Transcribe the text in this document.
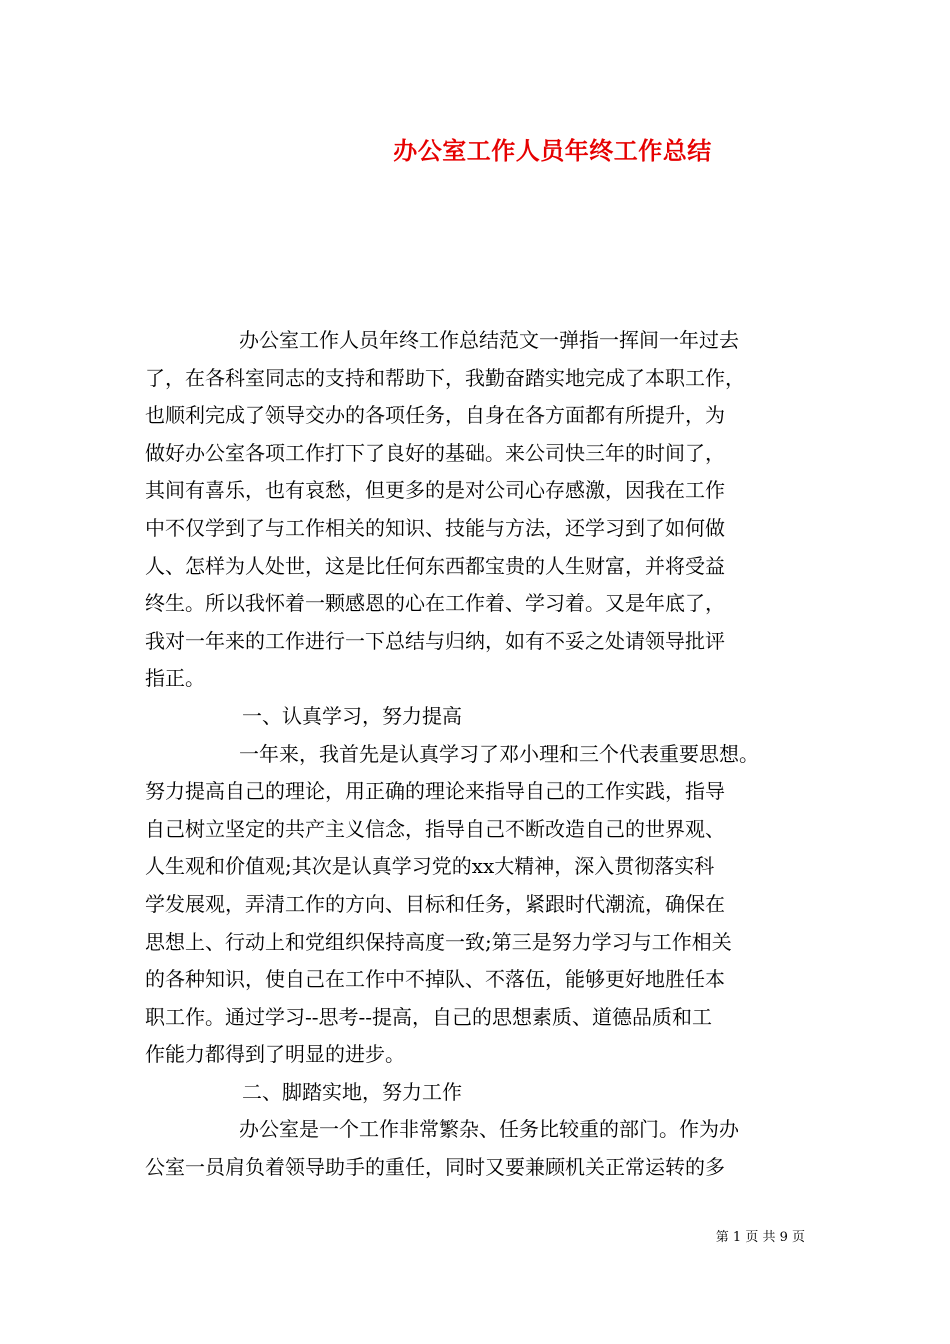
办公室工作人员年终工作总结
办公室工作人员年终工作总结范文一弹指一挥间一年过去
了，在各科室同志的支持和帮助下，我勤奋踏实地完成了本职工作，
也顺利完成了领导交办的各项任务，自身在各方面都有所提升，为
做好办公室各项工作打下了良好的基础。来公司快三年的时间了，
其间有喜乐，也有哀愁，但更多的是对公司心存感激，因我在工作
中不仅学到了与工作相关的知识、技能与方法，还学习到了如何做
人、怎样为人处世，这是比任何东西都宝贵的人生财富，并将受益
终生。所以我怀着一颗感恩的心在工作着、学习着。又是年底了，
我对一年来的工作进行一下总结与归纳，如有不妥之处请领导批评
指正。
一、认真学习，努力提高
一年来，我首先是认真学习了邓小理和三个代表重要思想。
努力提高自己的理论，用正确的理论来指导自己的工作实践，指导
自己树立坚定的共产主义信念，指导自己不断改造自己的世界观、
人生观和价值观;其次是认真学习党的xx大精神，深入贯彻落实科
学发展观，弄清工作的方向、目标和任务，紧跟时代潮流，确保在
思想上、行动上和党组织保持高度一致;第三是努力学习与工作相关
的各种知识，使自己在工作中不掉队、不落伍，能够更好地胜任本
职工作。通过学习--思考--提高，自己的思想素质、道德品质和工
作能力都得到了明显的进步。
二、脚踏实地，努力工作
办公室是一个工作非常繁杂、任务比较重的部门。作为办
公室一员肩负着领导助手的重任，同时又要兼顾机关正常运转的多
第 1 页 共 9 页
